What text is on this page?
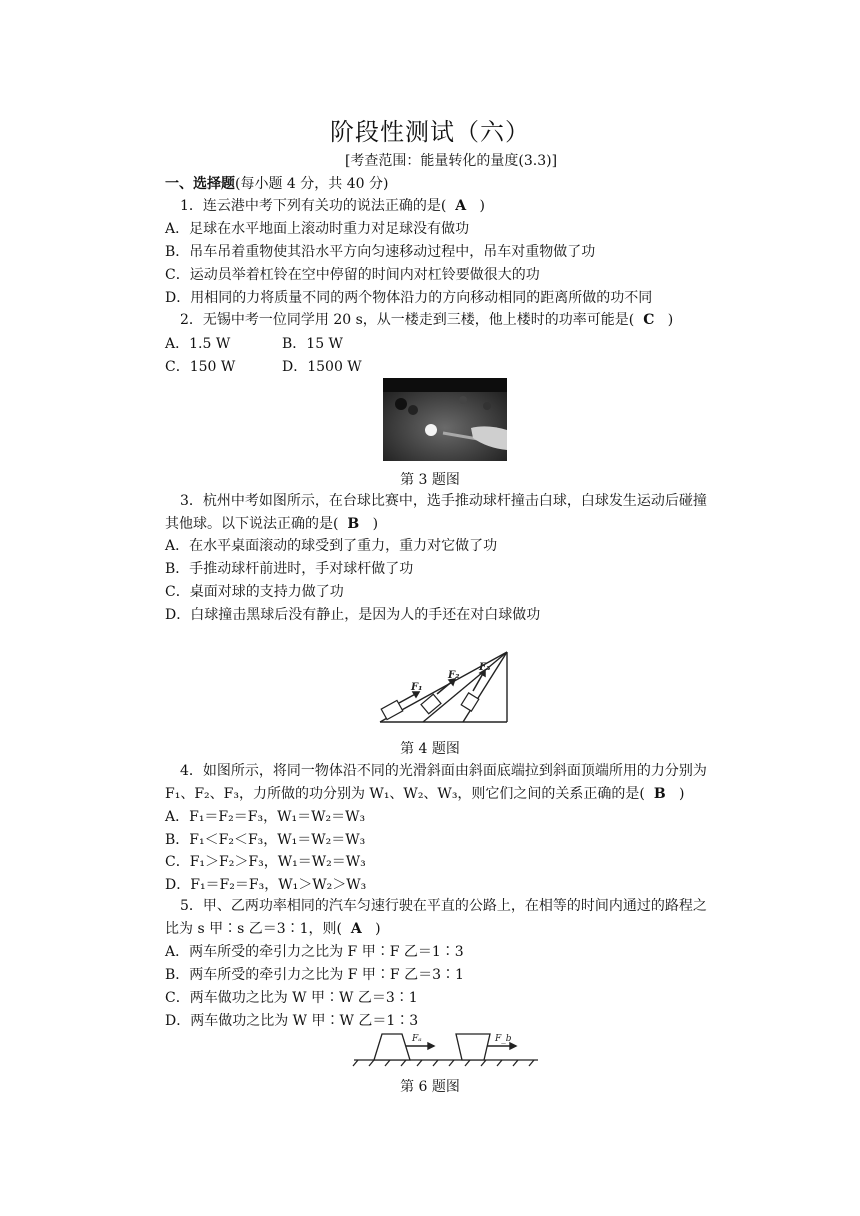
阶段性测试（六）
[考查范围：能量转化的量度(3.3)]
一、选择题(每小题 4 分，共 40 分)
1．连云港中考下列有关功的说法正确的是( A )
A．足球在水平地面上滚动时重力对足球没有做功
B．吊车吊着重物使其沿水平方向匀速移动过程中，吊车对重物做了功
C．运动员举着杠铃在空中停留的时间内对杠铃要做很大的功
D．用相同的力将质量不同的两个物体沿力的方向移动相同的距离所做的功不同
2．无锡中考一位同学用 20 s，从一楼走到三楼，他上楼时的功率可能是( C )
A．1.5 W	B．15 W
C．150 W	D．1500 W
第 3 题图
3．杭州中考如图所示，在台球比赛中，选手推动球杆撞击白球，白球发生运动后碰撞
其他球。以下说法正确的是( B )
A．在水平桌面滚动的球受到了重力，重力对它做了功
B．手推动球杆前进时，手对球杆做了功
C．桌面对球的支持力做了功
D．白球撞击黑球后没有静止，是因为人的手还在对白球做功
F₁
F₂
F₃
第 4 题图
4．如图所示，将同一物体沿不同的光滑斜面由斜面底端拉到斜面顶端所用的力分别为
F₁、F₂、F₃，力所做的功分别为 W₁、W₂、W₃，则它们之间的关系正确的是( B )
A．F₁＝F₂＝F₃，W₁＝W₂＝W₃
B．F₁＜F₂＜F₃，W₁＝W₂＝W₃
C．F₁＞F₂＞F₃，W₁＝W₂＝W₃
D．F₁＝F₂＝F₃，W₁＞W₂＞W₃
5．甲、乙两功率相同的汽车匀速行驶在平直的公路上，在相等的时间内通过的路程之
比为 s 甲∶s 乙＝3∶1，则( A )
A．两车所受的牵引力之比为 F 甲∶F 乙＝1∶3
B．两车所受的牵引力之比为 F 甲∶F 乙＝3∶1
C．两车做功之比为 W 甲∶W 乙＝3∶1
D．两车做功之比为 W 甲∶W 乙＝1∶3
Fₐ	F_b
第 6 题图
